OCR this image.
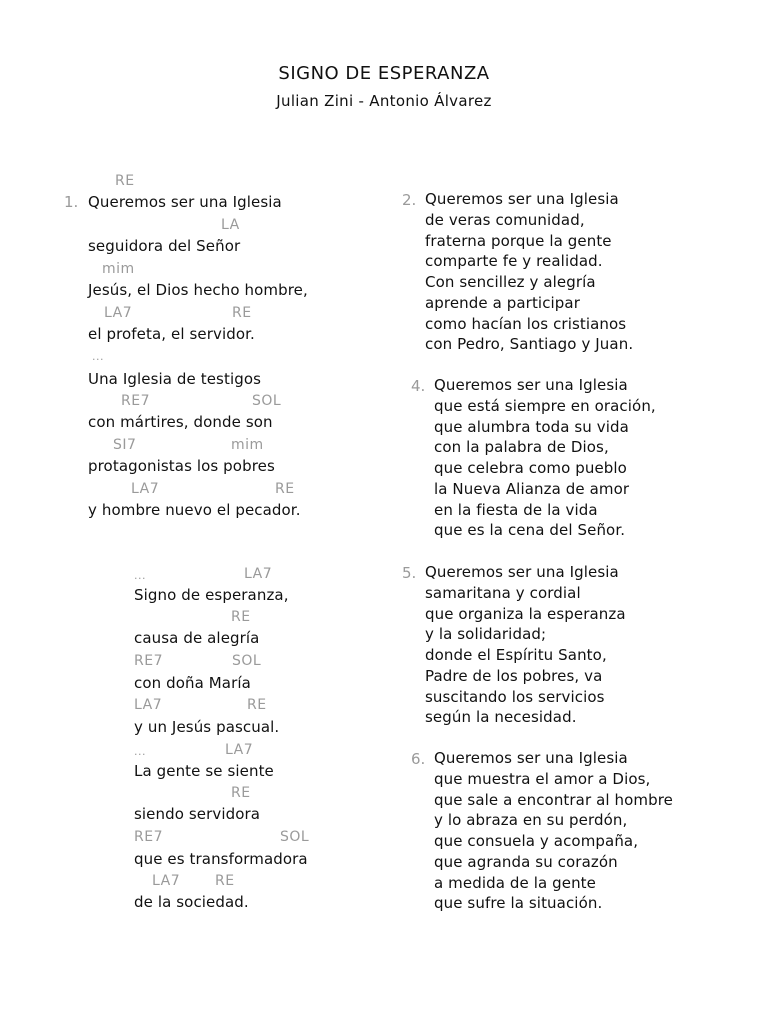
SIGNO DE ESPERANZA
Julian Zini - Antonio Álvarez
RE
1. Queremos ser una Iglesia
LA
seguidora del Señor
mim
Jesús, el Dios hecho hombre,
LA7	RE
el profeta, el servidor.
...
Una Iglesia de testigos
RE7	SOL
con mártires, donde son
SI7	mim
protagonistas los pobres
LA7	RE
y hombre nuevo el pecador.
...	LA7
Signo de esperanza,
RE
causa de alegría
RE7	SOL
con doña María
LA7	RE
y un Jesús pascual.
...	LA7
La gente se siente
RE
siendo servidora
RE7	SOL
que es transformadora
LA7 RE
de la sociedad.
2. Queremos ser una Iglesia
de veras comunidad,
fraterna porque la gente
comparte fe y realidad.
Con sencillez y alegría
aprende a participar
como hacían los cristianos
con Pedro, Santiago y Juan.
4. Queremos ser una Iglesia
que está siempre en oración,
que alumbra toda su vida
con la palabra de Dios,
que celebra como pueblo
la Nueva Alianza de amor
en la fiesta de la vida
que es la cena del Señor.
5. Queremos ser una Iglesia
samaritana y cordial
que organiza la esperanza
y la solidaridad;
donde el Espíritu Santo,
Padre de los pobres, va
suscitando los servicios
según la necesidad.
6. Queremos ser una Iglesia
que muestra el amor a Dios,
que sale a encontrar al hombre
y lo abraza en su perdón,
que consuela y acompaña,
que agranda su corazón
a medida de la gente
que sufre la situación.
